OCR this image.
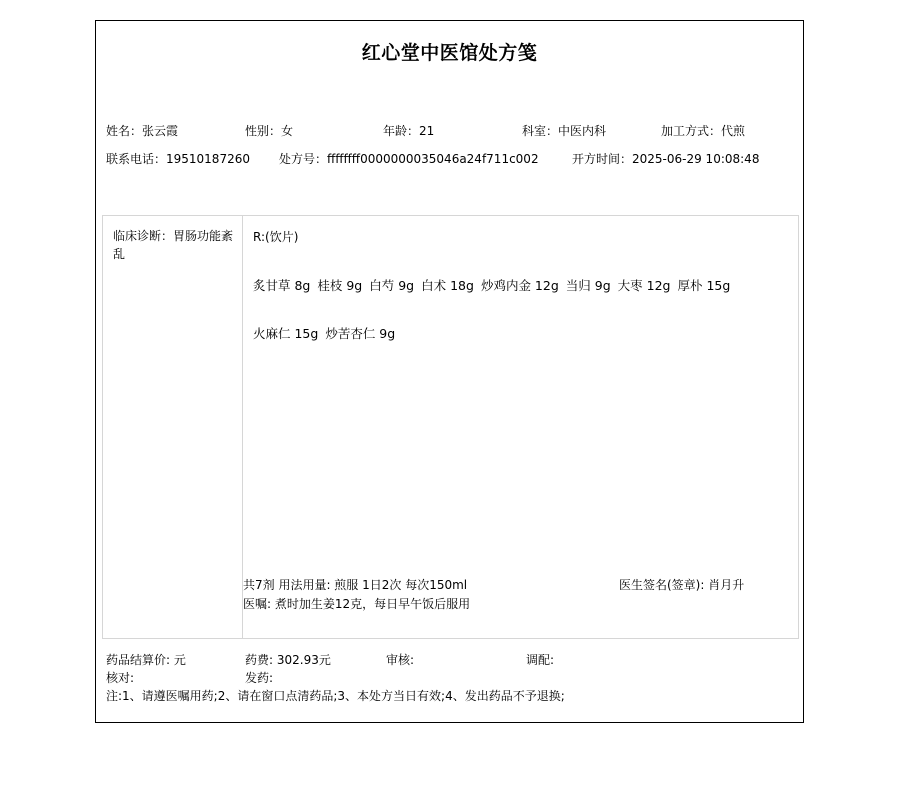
红心堂中医馆处方笺
姓名：张云霞	性别：女	年龄：21	科室：中医内科	加工方式：代煎
联系电话：19510187260 处方号：ffffffff0000000035046a24f711c002	开方时间：2025-06-29 10:08:48
临床诊断：胃肠功能紊乱
R:(饮片)
炙甘草 8g 桂枝 9g 白芍 9g 白术 18g 炒鸡内金 12g 当归 9g 大枣 12g 厚朴 15g
火麻仁 15g 炒苦杏仁 9g
共7剂 用法用量: 煎服 1日2次 每次150ml	医生签名(签章): 肖月升
医嘱: 煮时加生姜12克，每日早午饭后服用
药品结算价: 元	药费: 302.93元	审核:	调配:
核对:	发药:
注:1、请遵医嘱用药;2、请在窗口点清药品;3、本处方当日有效;4、发出药品不予退换;
